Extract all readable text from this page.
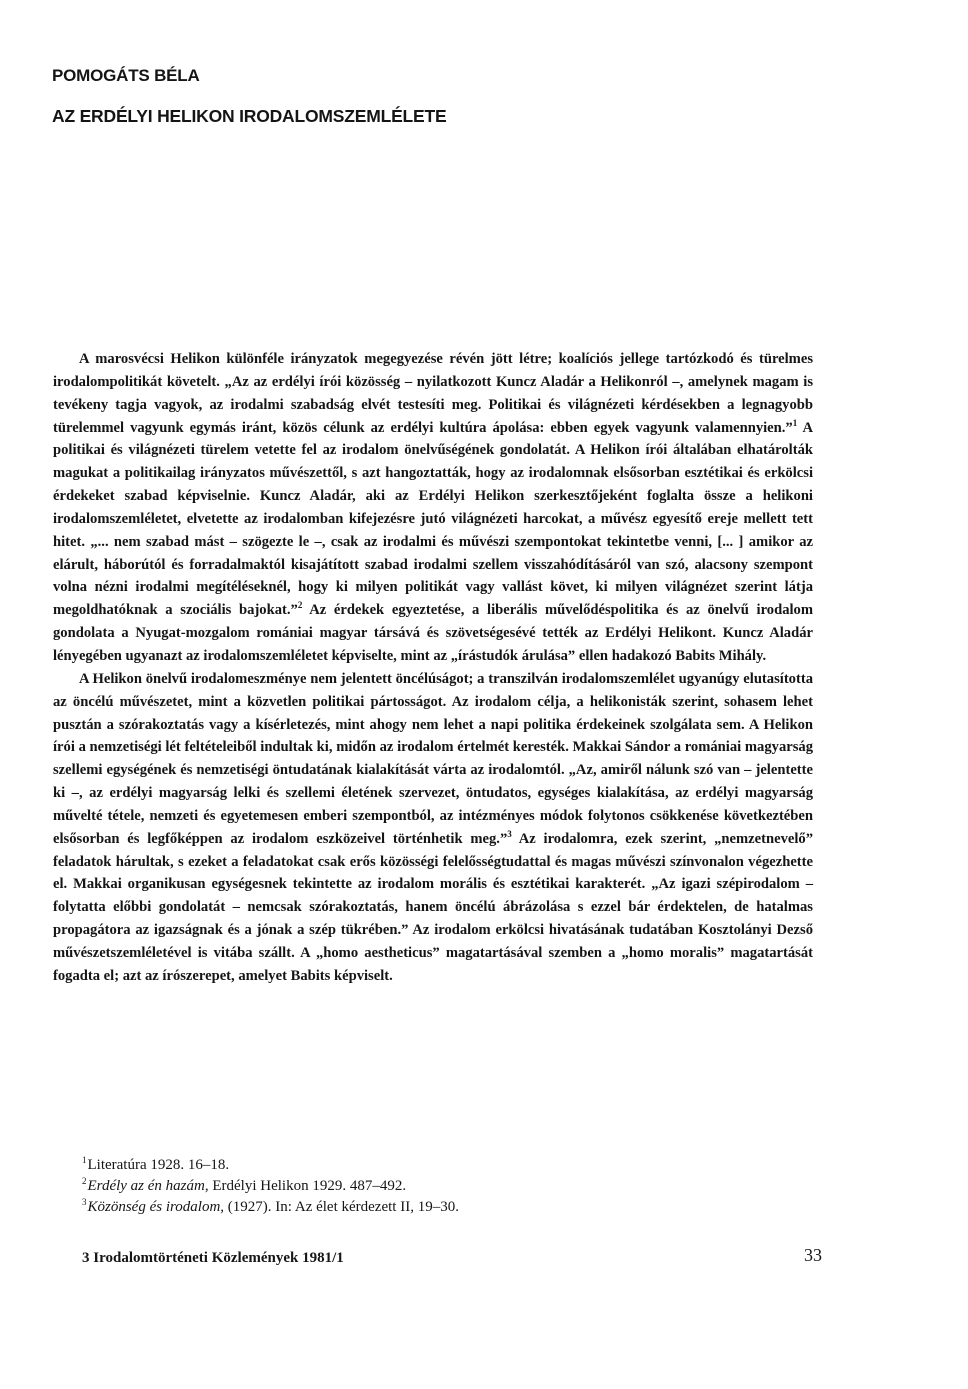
POMOGÁTS BÉLA
AZ ERDÉLYI HELIKON IRODALOMSZEMLÉLETE

A marosvécsi Helikon különféle irányzatok megegyezése révén jött létre; koalíciós jellege tartózkodó és türelmes irodalompolitikát követelt. „Az az erdélyi írói közösség – nyilatkozott Kuncz Aladár a Helikonról –, amelynek magam is tevékeny tagja vagyok, az irodalmi szabadság elvét testesíti meg. Politikai és világnézeti kérdésekben a legnagyobb türelemmel vagyunk egymás iránt, közös célunk az erdélyi kultúra ápolása: ebben egyek vagyunk valamennyien.”$^1$ A politikai és világnézeti türelem vetette fel az irodalom önelvűségének gondolatát. A Helikon írói általában elhatárolták magukat a politikailag irányzatos művészettől, s azt hangoztatták, hogy az irodalomnak elsősorban esztétikai és erkölcsi érdekeket szabad képviselnie. Kuncz Aladár, aki az Erdélyi Helikon szerkesztőjeként foglalta össze a helikoni irodalomszemléletet, elvetette az irodalomban kifejezésre jutó világnézeti harcokat, a művész egyesítő ereje mellett tett hitet. „... nem szabad mást – szögezte le –, csak az irodalmi és művészi szempontokat tekintetbe venni, [... ] amikor az elárult, háborútól és forradalmaktól kisajátított szabad irodalmi szellem visszahódításáról van szó, alacsony szempont volna nézni irodalmi megítéléseknél, hogy ki milyen politikát vagy vallást követ, ki milyen világnézet szerint látja megoldhatóknak a szociális bajokat.”$^2$ Az érdekek egyeztetése, a liberális művelődéspolitika és az önelvű irodalom gondolata a Nyugat-mozgalom romániai magyar társává és szövetségesévé tették az Erdélyi Helikont. Kuncz Aladár lényegében ugyanazt az irodalomszemléletet képviselte, mint az „írástudók árulása” ellen hadakozó Babits Mihály.

A Helikon önelvű irodalomeszménye nem jelentett öncélúságot; a transzilván irodalomszemlélet ugyanúgy elutasította az öncélú művészetet, mint a közvetlen politikai pártosságot. Az irodalom célja, a helikonisták szerint, sohasem lehet pusztán a szórakoztatás vagy a kísérletezés, mint ahogy nem lehet a napi politika érdekeinek szolgálata sem. A Helikon írói a nemzetiségi lét feltételeiből indultak ki, midőn az irodalom értelmét keresték. Makkai Sándor a romániai magyarság szellemi egységének és nemzetiségi öntudatának kialakítását várta az irodalomtól. „Az, amiről nálunk szó van – jelentette ki –, az erdélyi magyarság lelki és szellemi életének szervezet, öntudatos, egységes kialakítása, az erdélyi magyarság művelté tétele, nemzeti és egyetemesen emberi szempontból, az intézményes módok folytonos csökkenése következtében elsősorban és legfőképpen az irodalom eszközeivel történhetik meg.”$^3$ Az irodalomra, ezek szerint, „nemzetnevelő” feladatok hárultak, s ezeket a feladatokat csak erős közösségi felelősségtudattal és magas művészi színvonalon végezhette el. Makkai organikusan egységesnek tekintette az irodalom morális és esztétikai karakterét. „Az igazi szépirodalom – folytatta előbbi gondolatát – nemcsak szórakoztatás, hanem öncélú ábrázolása s ezzel bár érdektelen, de hatalmas propagátora az igazságnak és a jónak a szép tükrében.” Az irodalom erkölcsi hivatásának tudatában Kosztolányi Dezső művészetszemléletével is vitába szállt. A „homo aestheticus” magatartásával szemben a „homo moralis” magatartását fogadta el; azt az írószerepet, amelyet Babits képviselt.

$^1$Literatúra 1928. 16–18.
$^2$Erdély az én hazám, Erdélyi Helikon 1929. 487–492.
$^3$Közönség és irodalom, (1927). In: Az élet kérdezett II, 19–30.
3 Irodalomtörténeti Közlemények 1981/1	33
